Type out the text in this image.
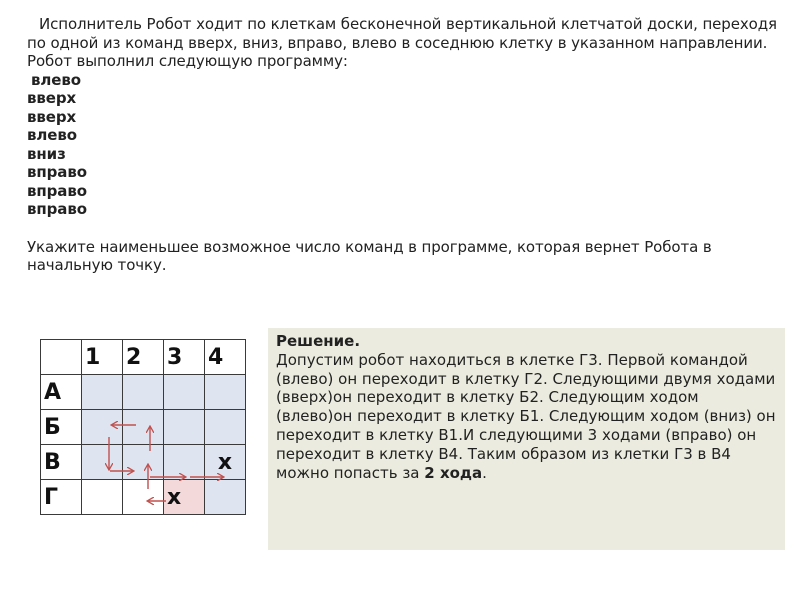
Исполнитель Робот ходит по клеткам бесконечной вертикальной клетчатой доски, переходя по одной из команд вверх, вниз, вправо, влево в соседнюю клетку в указанном направлении. Робот выполнил следующую программу:

влево
вверх
вверх
влево
вниз
вправо
вправо
вправо

Укажите наименьшее возможное число команд в программе, которая вернет Робота в начальную точку.

	1	2	3	4
А				
Б				
В				x
Г			x	
Решение.
Допустим робот находиться в клетке Г3. Первой командой (влево) он переходит в клетку Г2. Следующими двумя ходами (вверх)он переходит в клетку Б2. Следующим ходом (влево)он переходит в клетку Б1. Следующим ходом (вниз) он переходит в клетку В1.И следующими 3 ходами (вправо) он переходит в клетку В4. Таким образом из клетки Г3 в В4 можно попасть за 2 хода.
